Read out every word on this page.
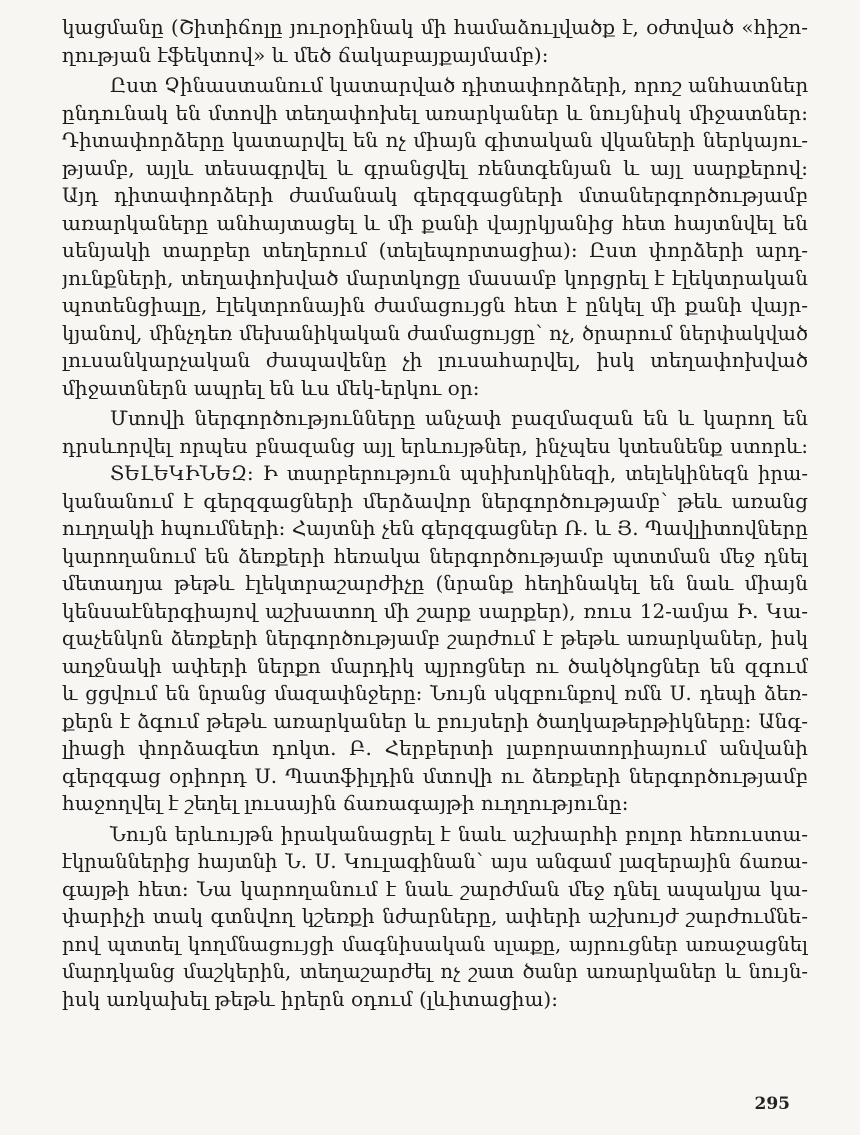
կացմանը (Շիտիճոլը յուրօրինակ մի համաձուլվածք է, օժտված «հիշո-
ղության էֆեկտով» և մեծ ճակաբայքայմամբ):
Ըստ Չինաստանում կատարված դիտափորձերի, որոշ անհատներ
ընդունակ են մտովի տեղափոխել առարկաներ և նույնիսկ միջատներ:
Դիտափորձերը կատարվել են ոչ միայն գիտական վկաների ներկայու-
թյամբ, այլև տեսագրվել և գրանցվել ռենտգենյան և այլ սարքերով:
Այդ դիտափորձերի ժամանակ գերզգացների մտաներգործությամբ
առարկաները անհայտացել և մի քանի վայրկյանից հետ հայտնվել են
սենյակի տարբեր տեղերում (տելեպորտացիա): Ըստ փորձերի արդ-
յունքների, տեղափոխված մարտկոցը մասամբ կորցրել է էլեկտրական
պոտենցիալը, էլեկտրոնային ժամացույցն հետ է ընկել մի քանի վայր-
կյանով, մինչդեռ մեխանիկական ժամացույցը՝ ոչ, ծրարում ներփակված
լուսանկարչական ժապավենը չի լուսահարվել, իսկ տեղափոխված
միջատներն ապրել են ևս մեկ-երկու օր:
Մտովի ներգործությունները անչափ բազմազան են և կարող են
դրսևորվել որպես բնազանց այլ երևույթներ, ինչպես կտեսնենք ստորև:
ՏԵԼԵԿԻՆԵԶ: Ի տարբերություն պսիխոկինեզի, տելեկինեզն իրա-
կանանում է գերզգացների մերձավոր ներգործությամբ՝ թեև առանց
ուղղակի հպումների: Հայտնի չեն գերզգացներ Ռ. և Յ. Պավլիտովները
կարողանում են ձեռքերի հեռակա ներգործությամբ պտտման մեջ դնել
մետաղյա թեթև էլեկտրաշարժիչը (նրանք հեղինակել են նաև միայն
կենսաէներգիայով աշխատող մի շարք սարքեր), ռուս 12-ամյա Ի. Կա-
զաչենկոն ձեռքերի ներգործությամբ շարժում է թեթև առարկաներ, իսկ
աղջնակի ափերի ներքո մարդիկ պյրոցներ ու ծակծկոցներ են զգում
և ցցվում են նրանց մազափնջերը: Նույն սկզբունքով ռմն Ս. դեպի ձեռ-
քերն է ձգում թեթև առարկաներ և բույսերի ծաղկաթերթիկները: Անգ-
լիացի փորձագետ դոկտ. Բ. Հերբերտի լաբորատորիայում անվանի
գերզգաց օրիորդ Ս. Պատֆիլդին մտովի ու ձեռքերի ներգործությամբ
հաջողվել է շեղել լուսային ճառագայթի ուղղությունը:
Նույն երևույթն իրականացրել է նաև աշխարհի բոլոր հեռուստա-
էկրաններից հայտնի Ն. Ս. Կուլագինան՝ այս անգամ լազերային ճառա-
գայթի հետ: Նա կարողանում է նաև շարժման մեջ դնել ապակյա կա-
փարիչի տակ գտնվող կշեռքի նժարները, ափերի աշխույժ շարժումնե-
րով պտտել կողմնացույցի մագնիսական սլաքը, այրուցներ առաջացնել
մարդկանց մաշկերին, տեղաշարժել ոչ շատ ծանր առարկաներ և նույն-
իսկ առկախել թեթև իրերն օդում (լևիտացիա):
295
